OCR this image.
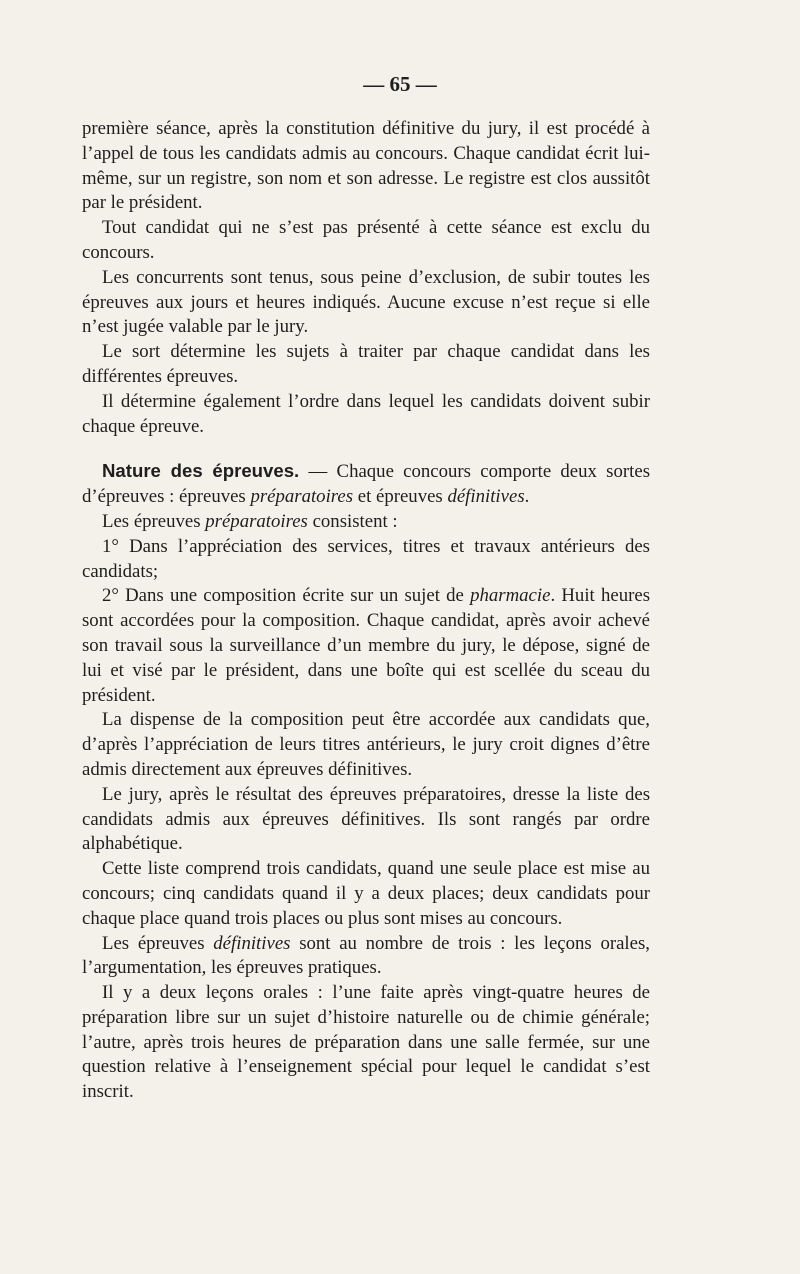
— 65 —

première séance, après la constitution définitive du jury, il est procédé à l’appel de tous les candidats admis au concours. Chaque candidat écrit lui-même, sur un registre, son nom et son adresse. Le registre est clos aussitôt par le président.

Tout candidat qui ne s’est pas présenté à cette séance est exclu du concours.

Les concurrents sont tenus, sous peine d’exclusion, de subir toutes les épreuves aux jours et heures indiqués. Aucune excuse n’est reçue si elle n’est jugée valable par le jury.

Le sort détermine les sujets à traiter par chaque candidat dans les différentes épreuves.

Il détermine également l’ordre dans lequel les candidats doivent subir chaque épreuve.

Nature des épreuves. — Chaque concours comporte deux sortes d’épreuves : épreuves préparatoires et épreuves définitives.

Les épreuves préparatoires consistent :

1° Dans l’appréciation des services, titres et travaux antérieurs des candidats;

2° Dans une composition écrite sur un sujet de pharmacie. Huit heures sont accordées pour la composition. Chaque candidat, après avoir achevé son travail sous la surveillance d’un membre du jury, le dépose, signé de lui et visé par le président, dans une boîte qui est scellée du sceau du président.

La dispense de la composition peut être accordée aux candidats que, d’après l’appréciation de leurs titres antérieurs, le jury croit dignes d’être admis directement aux épreuves définitives.

Le jury, après le résultat des épreuves préparatoires, dresse la liste des candidats admis aux épreuves définitives. Ils sont rangés par ordre alphabétique.

Cette liste comprend trois candidats, quand une seule place est mise au concours; cinq candidats quand il y a deux places; deux candidats pour chaque place quand trois places ou plus sont mises au concours.

Les épreuves définitives sont au nombre de trois : les leçons orales, l’argumentation, les épreuves pratiques.

Il y a deux leçons orales : l’une faite après vingt-quatre heures de préparation libre sur un sujet d’histoire naturelle ou de chimie générale; l’autre, après trois heures de préparation dans une salle fermée, sur une question relative à l’enseignement spécial pour lequel le candidat s’est inscrit.
